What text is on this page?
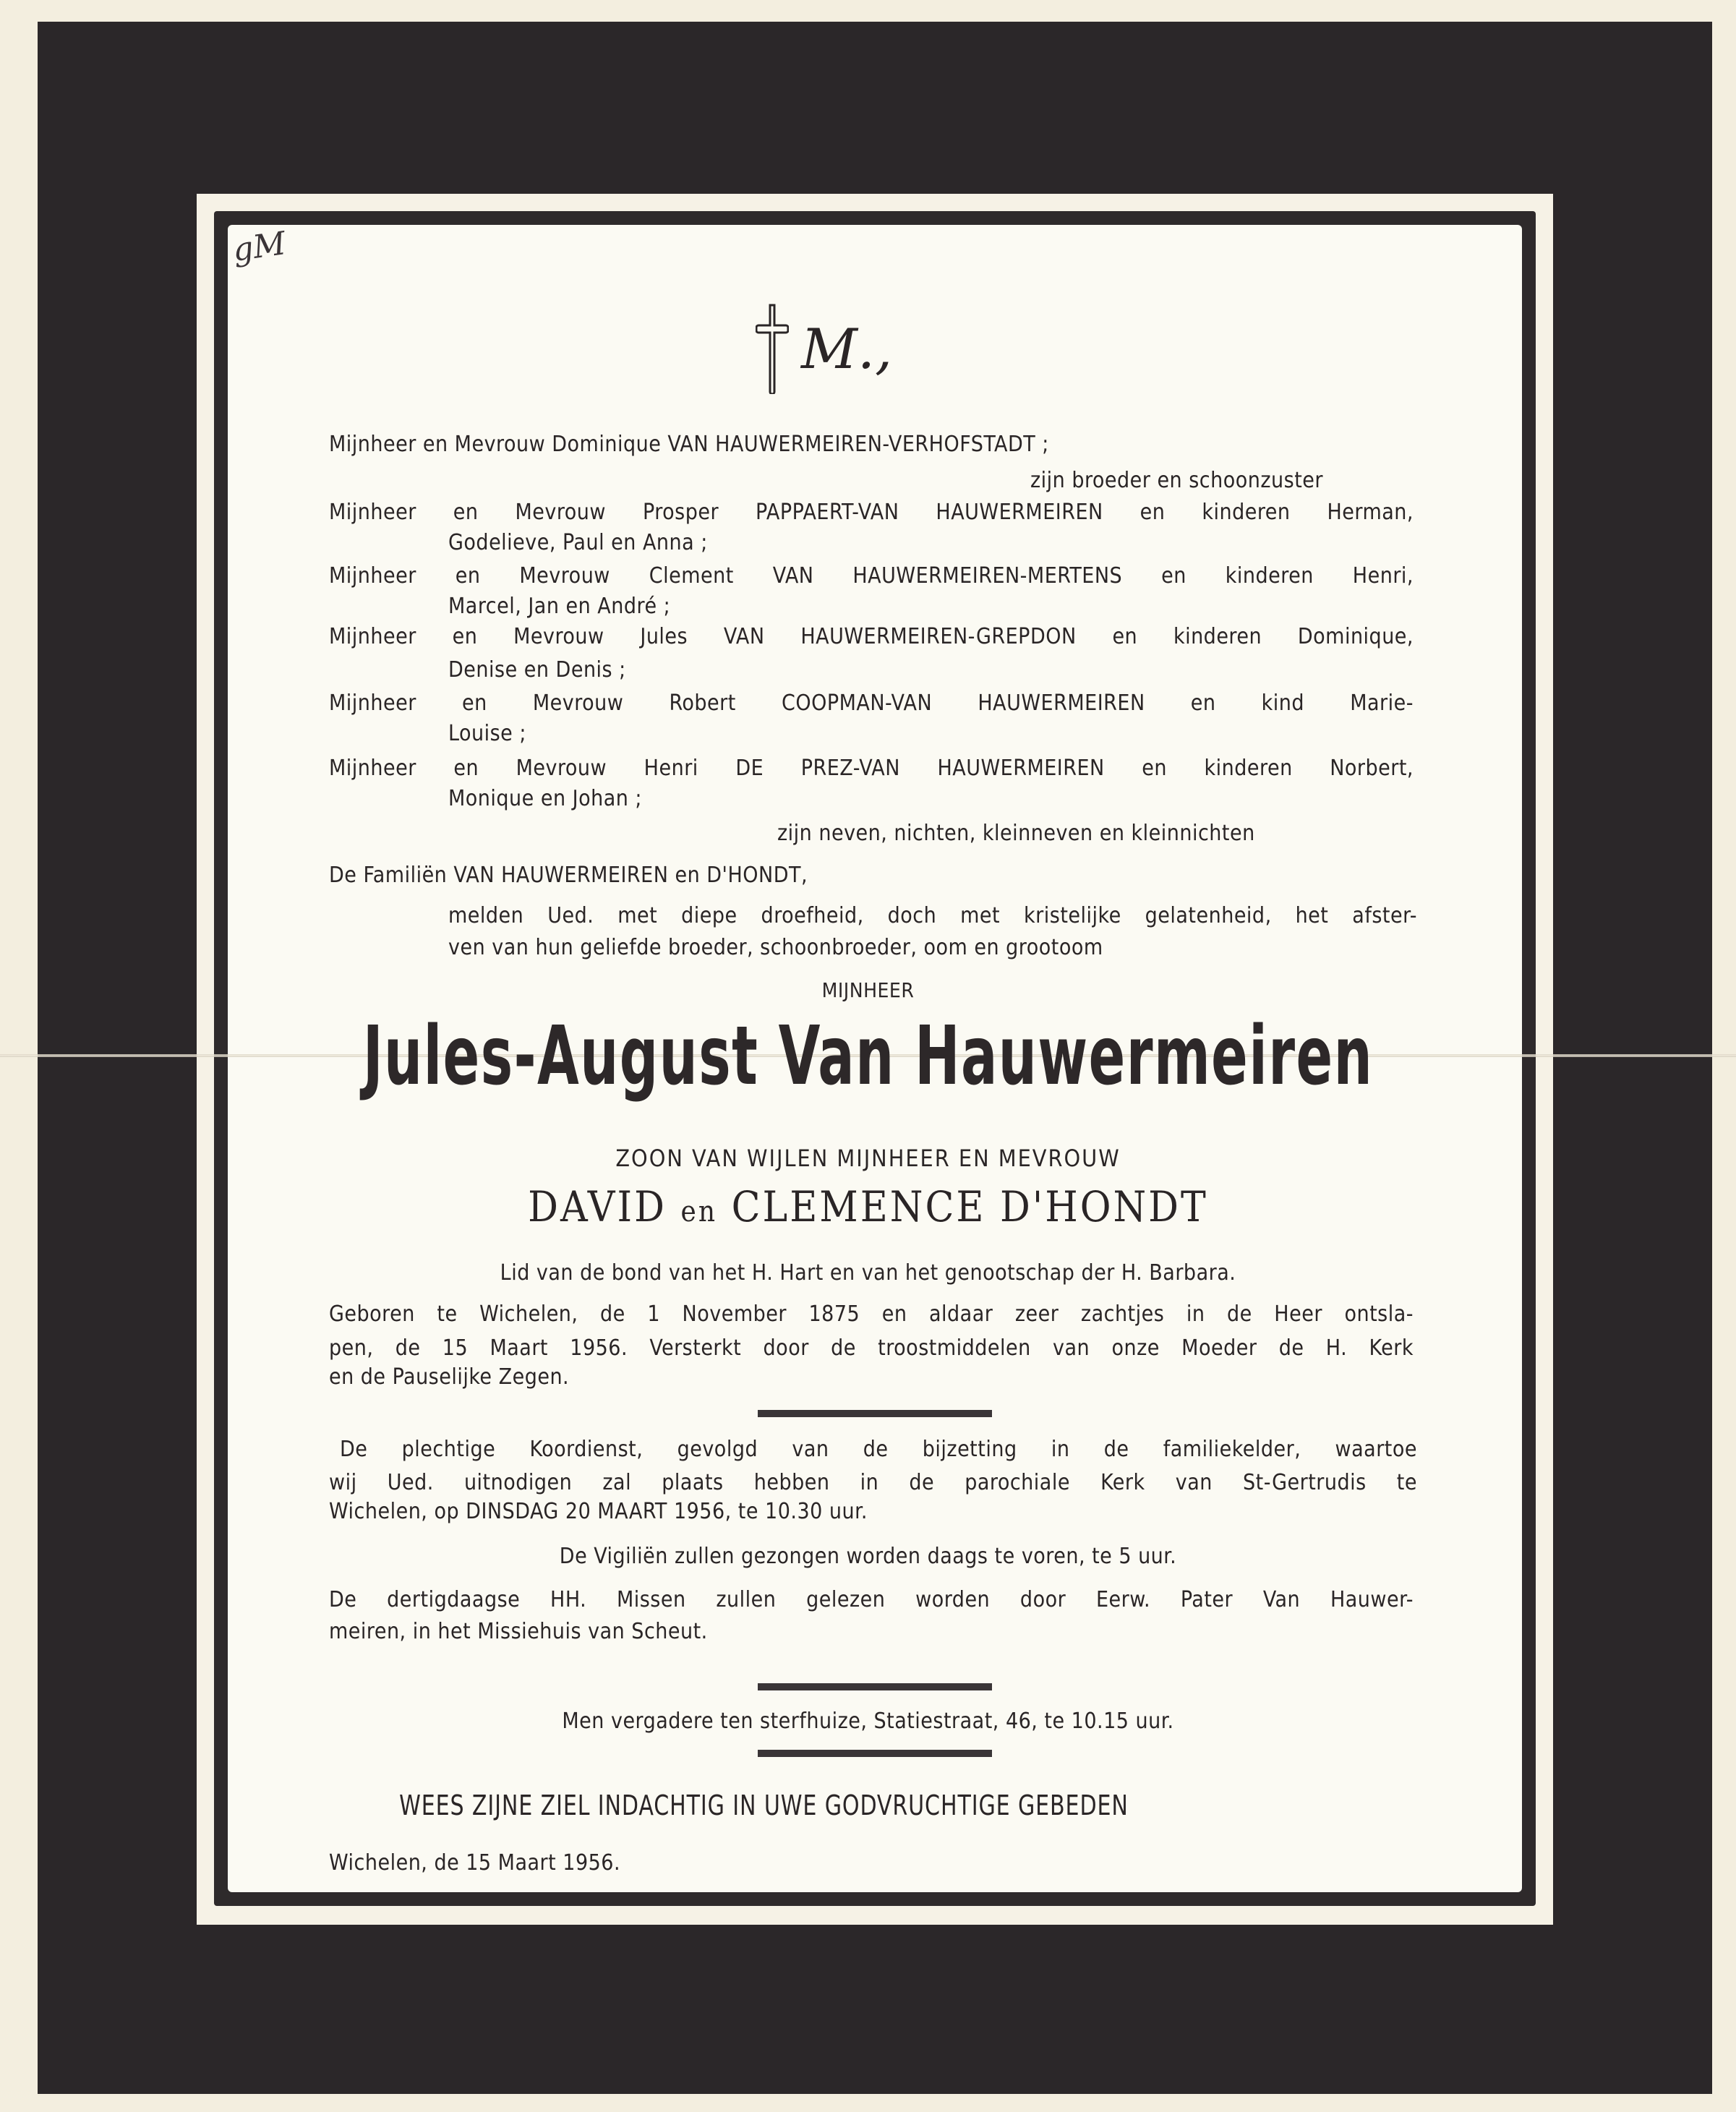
gM
M.,
Mijnheer en Mevrouw Dominique VAN HAUWERMEIREN-VERHOFSTADT ;
zijn broeder en schoonzuster
Mijnheer en Mevrouw Prosper PAPPAERT-VAN HAUWERMEIREN en kinderen Herman,
Godelieve, Paul en Anna ;
Mijnheer en Mevrouw Clement VAN HAUWERMEIREN-MERTENS en kinderen Henri,
Marcel, Jan en André ;
Mijnheer en Mevrouw Jules VAN HAUWERMEIREN-GREPDON en kinderen Dominique,
Denise en Denis ;
Mijnheer en Mevrouw Robert COOPMAN-VAN HAUWERMEIREN en kind Marie-
Louise ;
Mijnheer en Mevrouw Henri DE PREZ-VAN HAUWERMEIREN en kinderen Norbert,
Monique en Johan ;
zijn neven, nichten, kleinneven en kleinnichten
De Familiën VAN HAUWERMEIREN en D'HONDT,
melden Ued. met diepe droefheid, doch met kristelijke gelatenheid, het afster-
ven van hun geliefde broeder, schoonbroeder, oom en grootoom
MIJNHEER
Jules-August Van Hauwermeiren
ZOON VAN WIJLEN MIJNHEER EN MEVROUW
DAVID en CLEMENCE D'HONDT
Lid van de bond van het H. Hart en van het genootschap der H. Barbara.
Geboren te Wichelen, de 1 November 1875 en aldaar zeer zachtjes in de Heer ontsla-
pen, de 15 Maart 1956. Versterkt door de troostmiddelen van onze Moeder de H. Kerk
en de Pauselijke Zegen.
De plechtige Koordienst, gevolgd van de bijzetting in de familiekelder, waartoe
wij Ued. uitnodigen zal plaats hebben in de parochiale Kerk van St-Gertrudis te
Wichelen, op DINSDAG 20 MAART 1956, te 10.30 uur.
De Vigiliën zullen gezongen worden daags te voren, te 5 uur.
De dertigdaagse HH. Missen zullen gelezen worden door Eerw. Pater Van Hauwer-
meiren, in het Missiehuis van Scheut.
Men vergadere ten sterfhuize, Statiestraat, 46, te 10.15 uur.
WEES ZIJNE ZIEL INDACHTIG IN UWE GODVRUCHTIGE GEBEDEN
Wichelen, de 15 Maart 1956.
